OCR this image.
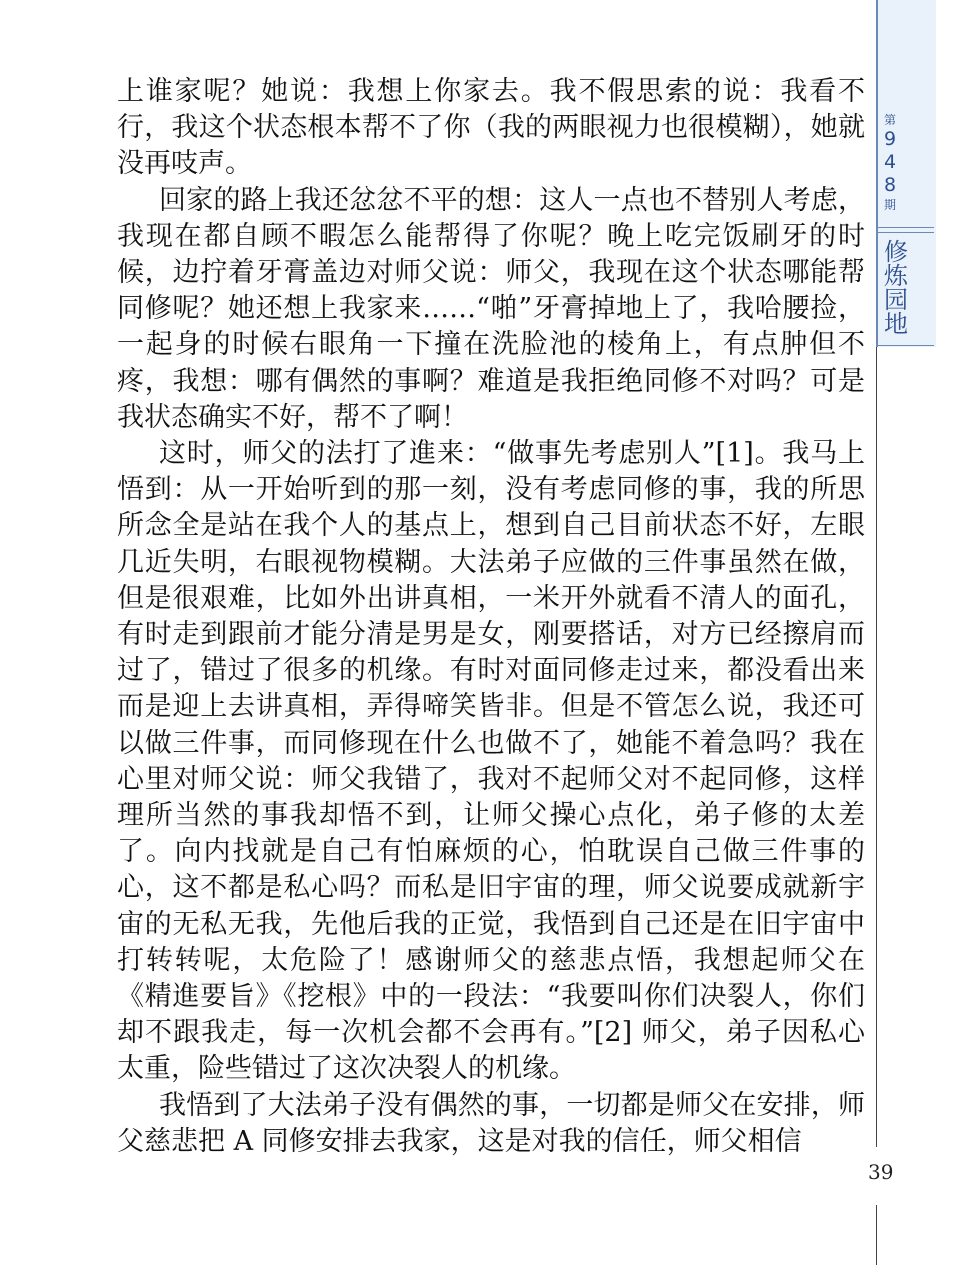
第
9
4
8
期
修
炼
园
地
39

上谁家呢？她说：我想上你家去。我不假思索的说：我看不行，我这个状态根本帮不了你（我的两眼视力也很模糊），她就没再吱声。

回家的路上我还忿忿不平的想：这人一点也不替别人考虑，我现在都自顾不暇怎么能帮得了你呢？晚上吃完饭刷牙的时候，边拧着牙膏盖边对师父说：师父，我现在这个状态哪能帮同修呢？她还想上我家来……“啪”牙膏掉地上了，我哈腰捡，一起身的时候右眼角一下撞在洗脸池的棱角上，有点肿但不疼，我想：哪有偶然的事啊？难道是我拒绝同修不对吗？可是我状态确实不好，帮不了啊！

这时，师父的法打了進来：“做事先考虑别人”[1]。我马上悟到：从一开始听到的那一刻，没有考虑同修的事，我的所思所念全是站在我个人的基点上，想到自己目前状态不好，左眼几近失明，右眼视物模糊。大法弟子应做的三件事虽然在做，但是很艰难，比如外出讲真相，一米开外就看不清人的面孔，有时走到跟前才能分清是男是女，刚要搭话，对方已经擦肩而过了，错过了很多的机缘。有时对面同修走过来，都没看出来而是迎上去讲真相，弄得啼笑皆非。但是不管怎么说，我还可以做三件事，而同修现在什么也做不了，她能不着急吗？我在心里对师父说：师父我错了，我对不起师父对不起同修，这样理所当然的事我却悟不到，让师父操心点化，弟子修的太差了。向内找就是自己有怕麻烦的心，怕耽误自己做三件事的心，这不都是私心吗？而私是旧宇宙的理，师父说要成就新宇宙的无私无我，先他后我的正觉，我悟到自己还是在旧宇宙中打转转呢，太危险了！感谢师父的慈悲点悟，我想起师父在《精進要旨》《挖根》中的一段法：“我要叫你们决裂人，你们却不跟我走，每一次机会都不会再有。”[2] 师父，弟子因私心太重，险些错过了这次决裂人的机缘。

我悟到了大法弟子没有偶然的事，一切都是师父在安排，师父慈悲把 A 同修安排去我家，这是对我的信任，师父相信
